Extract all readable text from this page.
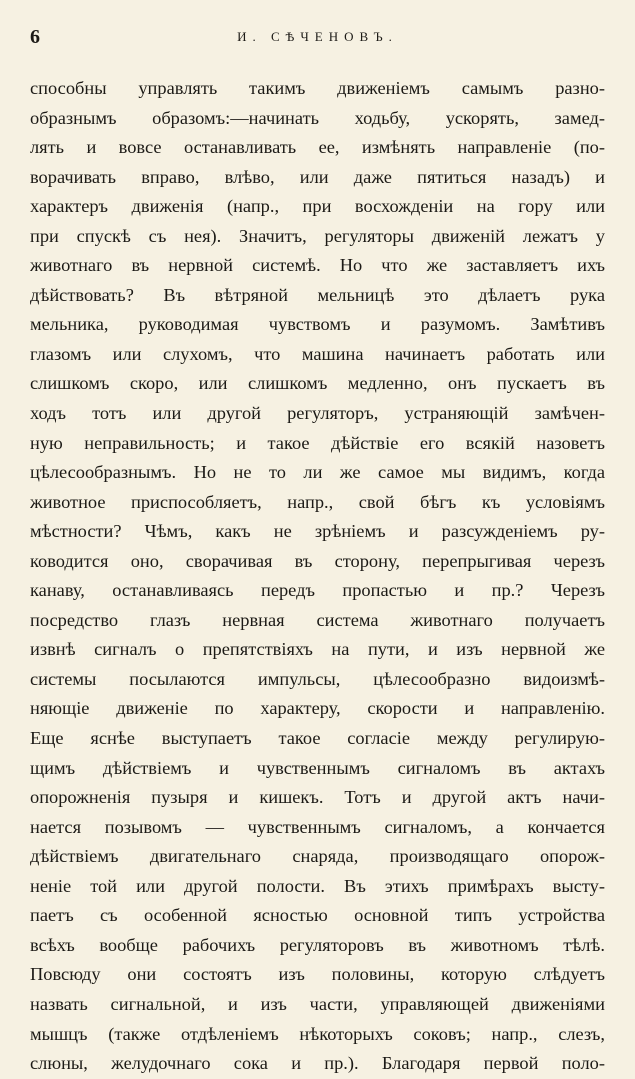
6	И. СѢЧЕНОВЪ.
способны управлять такимъ движенiемъ самымъ разно-
образнымъ образомъ:—начинать ходьбу, ускорять, замед-
лять и вовсе останавливать ее, измѣнять направленiе (по-
ворачивать вправо, влѣво, или даже пятиться назадъ) и
характеръ движенiя (напр., при восхожденiи на гору или
при спускѣ съ нея). Значитъ, регуляторы движенiй лежатъ у
животнаго въ нервной системѣ. Но что же заставляетъ ихъ
дѣйствовать? Въ вѣтряной мельницѣ это дѣлаетъ рука
мельника, руководимая чувствомъ и разумомъ. Замѣтивъ
глазомъ или слухомъ, что машина начинаетъ работать или
слишкомъ скоро, или слишкомъ медленно, онъ пускаетъ въ
ходъ тотъ или другой регуляторъ, устраняющiй замѣчен-
ную неправильность; и такое дѣйствiе его всякiй назоветъ
цѣлесообразнымъ. Но не то ли же самое мы видимъ, когда
животное приспособляетъ, напр., свой бѣгъ къ условiямъ
мѣстности? Чѣмъ, какъ не зрѣнiемъ и разсужденiемъ ру-
ководится оно, сворачивая въ сторону, перепрыгивая черезъ
канаву, останавливаясь передъ пропастью и пр.? Черезъ
посредство глазъ нервная система животнаго получаетъ
извнѣ сигналъ о препятствiяхъ на пути, и изъ нервной же
системы посылаются импульсы, цѣлесообразно видоизмѣ-
няющiе движенiе по характеру, скорости и направленiю.
Еще яснѣе выступаетъ такое согласiе между регулирую-
щимъ дѣйствiемъ и чувственнымъ сигналомъ въ актахъ
опорожненiя пузыря и кишекъ. Тотъ и другой актъ начи-
нается позывомъ — чувственнымъ сигналомъ, а кончается
дѣйствiемъ двигательнаго снаряда, производящаго опорож-
ненiе той или другой полости. Въ этихъ примѣрахъ высту-
паетъ съ особенной ясностью основной типъ устройства
всѣхъ вообще рабочихъ регуляторовъ въ животномъ тѣлѣ.
Повсюду они состоятъ изъ половины, которую слѣдуетъ
назвать сигнальной, и изъ части, управляющей движенiями
мышцъ (также отдѣленiемъ нѣкоторыхъ соковъ; напр., слезъ,
слюны, желудочнаго сока и пр.). Благодаря первой поло-
